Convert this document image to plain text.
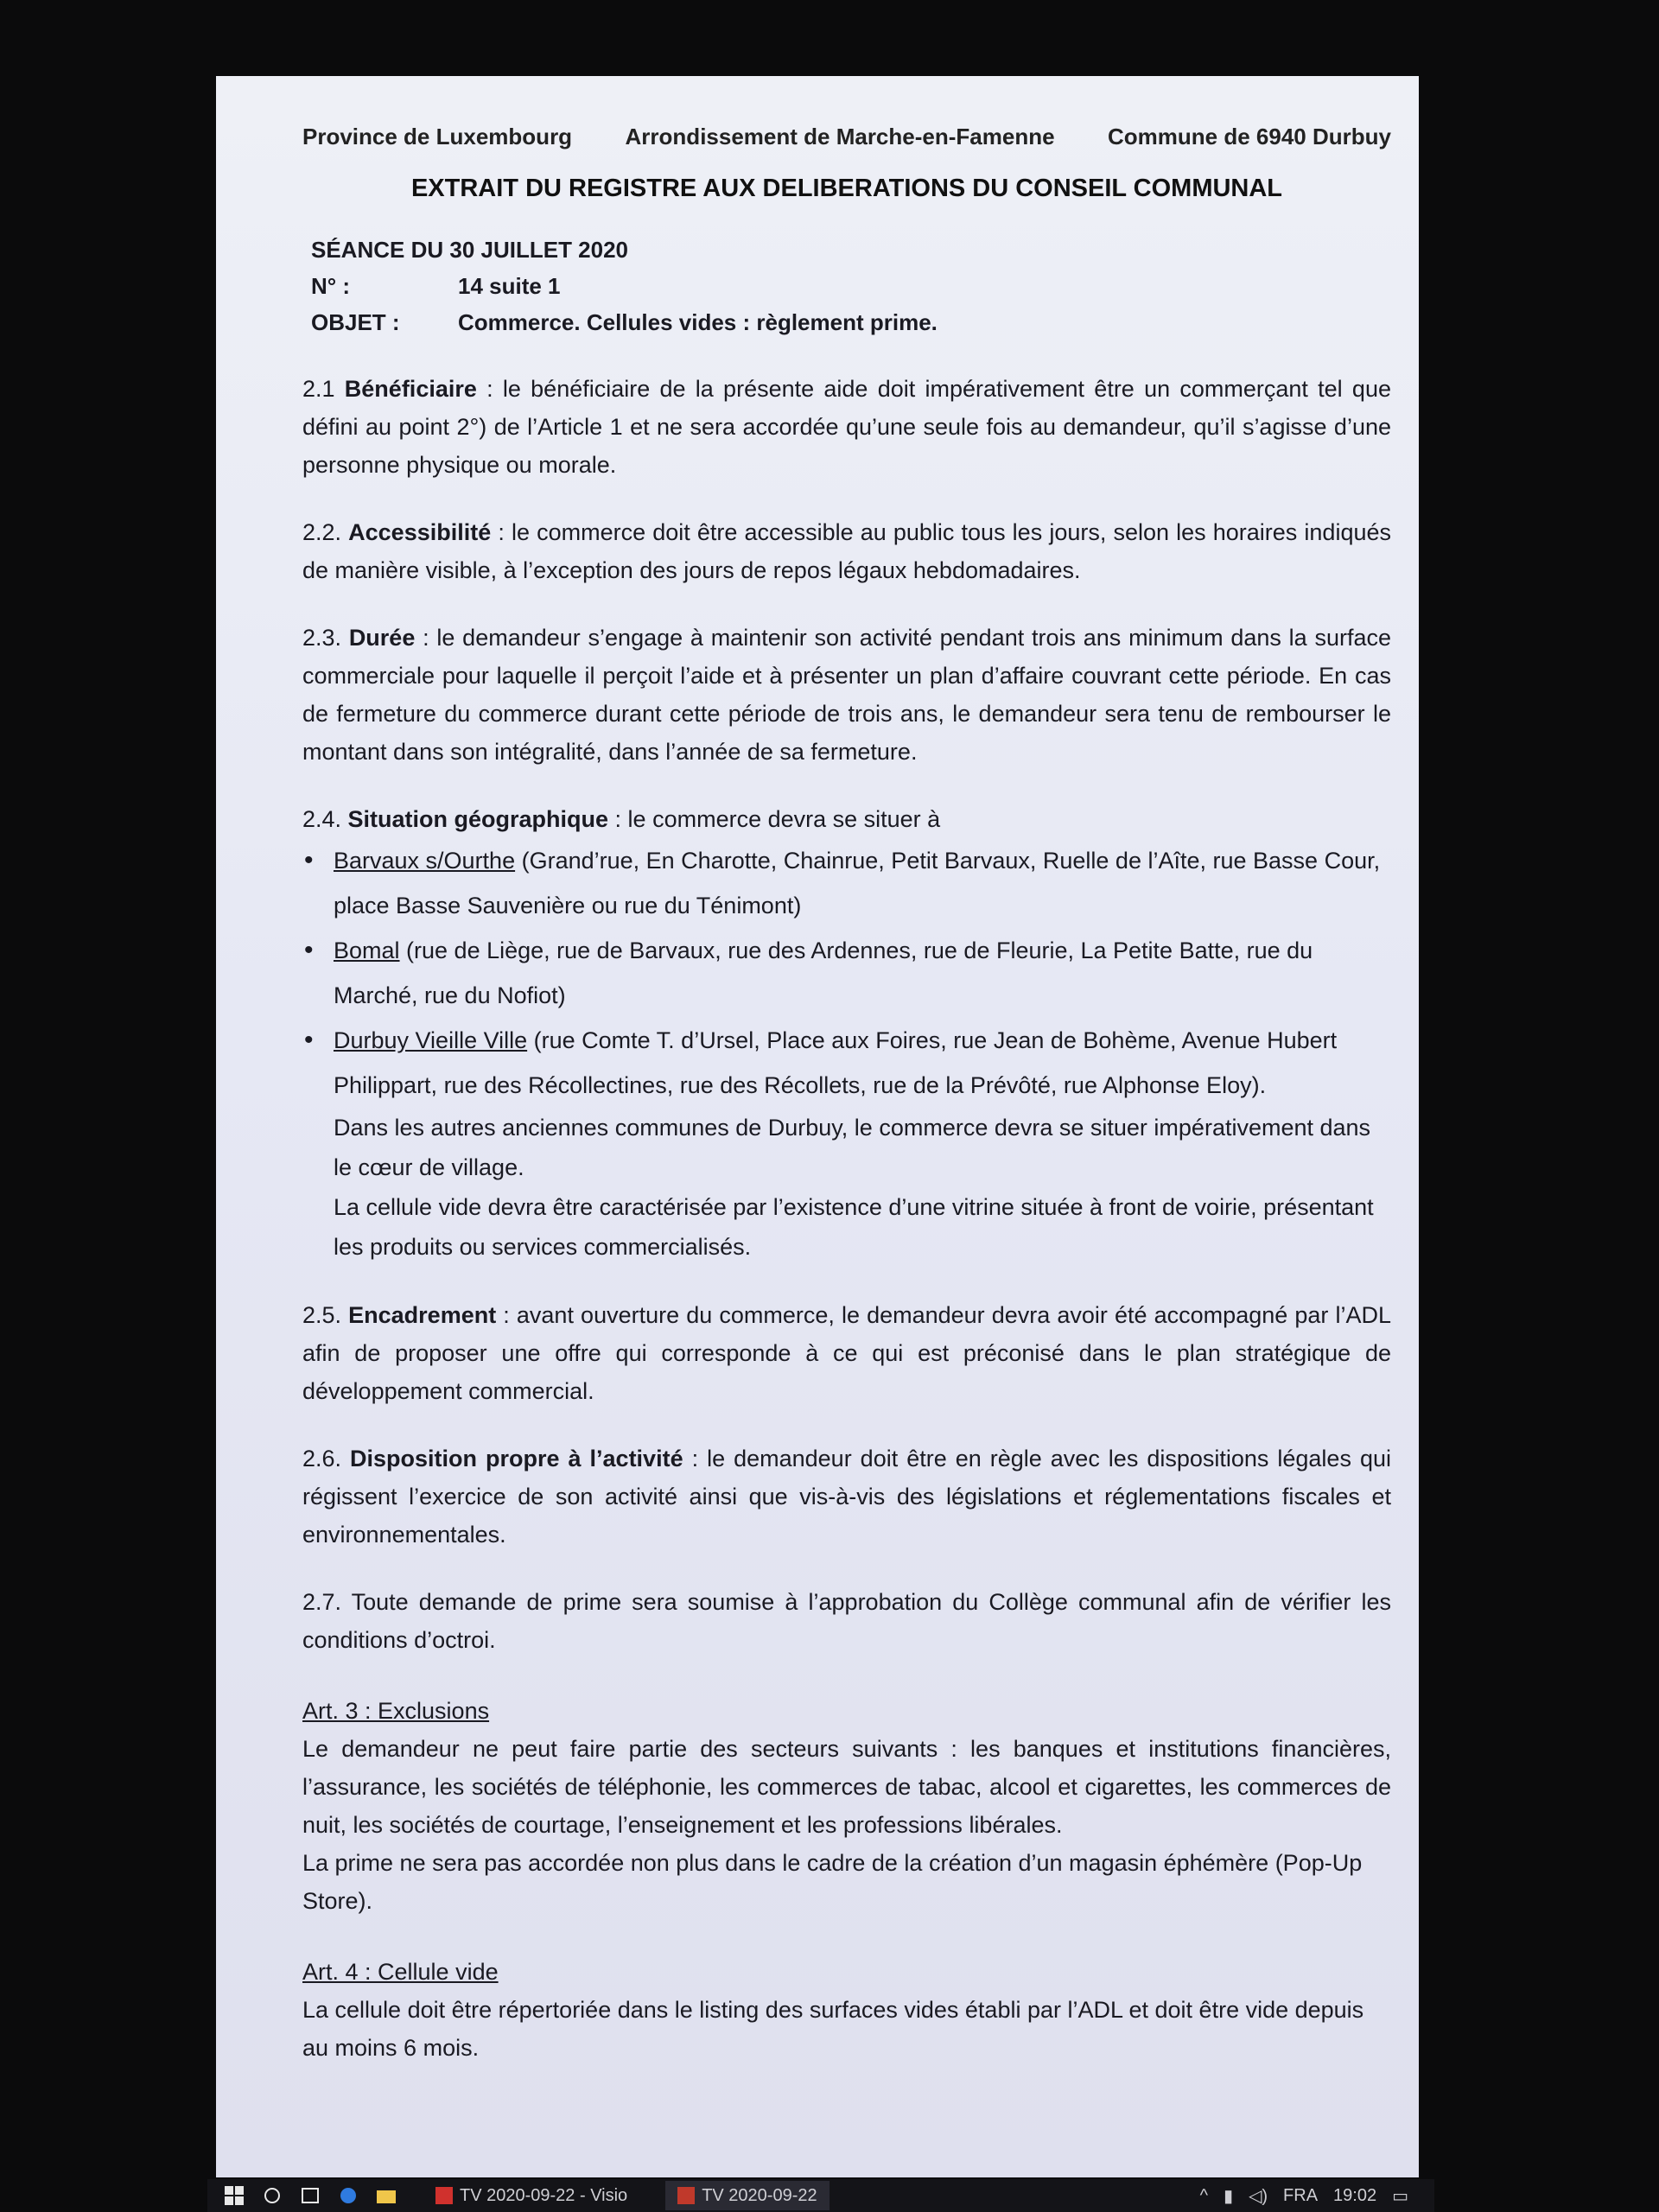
Province de Luxembourg Arrondissement de Marche-en-Famenne Commune de 6940 Durbuy
EXTRAIT DU REGISTRE AUX DELIBERATIONS DU CONSEIL COMMUNAL
SÉANCE DU 30 JUILLET 2020
N° :	14 suite 1
OBJET :	Commerce. Cellules vides : règlement prime.

2.1 Bénéficiaire : le bénéficiaire de la présente aide doit impérativement être un commerçant tel que défini au point 2°) de l’Article 1 et ne sera accordée qu’une seule fois au demandeur, qu’il s’agisse d’une personne physique ou morale.

2.2. Accessibilité : le commerce doit être accessible au public tous les jours, selon les horaires indiqués de manière visible, à l’exception des jours de repos légaux hebdomadaires.

2.3. Durée : le demandeur s’engage à maintenir son activité pendant trois ans minimum dans la surface commerciale pour laquelle il perçoit l’aide et à présenter un plan d’affaire couvrant cette période. En cas de fermeture du commerce durant cette période de trois ans, le demandeur sera tenu de rembourser le montant dans son intégralité, dans l’année de sa fermeture.

2.4. Situation géographique : le commerce devra se situer à

• Barvaux s/Ourthe (Grand’rue, En Charotte, Chainrue, Petit Barvaux, Ruelle de l’Aîte, rue Basse Cour, place Basse Sauvenière ou rue du Ténimont)
• Bomal (rue de Liège, rue de Barvaux, rue des Ardennes, rue de Fleurie, La Petite Batte, rue du Marché, rue du Nofiot)
• Durbuy Vieille Ville (rue Comte T. d’Ursel, Place aux Foires, rue Jean de Bohème, Avenue Hubert Philippart, rue des Récollectines, rue des Récollets, rue de la Prévôté, rue Alphonse Eloy).
Dans les autres anciennes communes de Durbuy, le commerce devra se situer impérativement dans le cœur de village.
La cellule vide devra être caractérisée par l’existence d’une vitrine située à front de voirie, présentant les produits ou services commercialisés.

2.5. Encadrement : avant ouverture du commerce, le demandeur devra avoir été accompagné par l’ADL afin de proposer une offre qui corresponde à ce qui est préconisé dans le plan stratégique de développement commercial.

2.6. Disposition propre à l’activité : le demandeur doit être en règle avec les dispositions légales qui régissent l’exercice de son activité ainsi que vis-à-vis des législations et réglementations fiscales et environnementales.

2.7. Toute demande de prime sera soumise à l’approbation du Collège communal afin de vérifier les conditions d’octroi.

Art. 3 : Exclusions
Le demandeur ne peut faire partie des secteurs suivants : les banques et institutions financières, l’assurance, les sociétés de téléphonie, les commerces de tabac, alcool et cigarettes, les commerces de nuit, les sociétés de courtage, l’enseignement et les professions libérales.
La prime ne sera pas accordée non plus dans le cadre de la création d’un magasin éphémère (Pop-Up Store).
Art. 4 : Cellule vide
La cellule doit être répertoriée dans le listing des surfaces vides établi par l’ADL et doit être vide depuis au moins 6 mois.
TV 2020-09-22 - Visio	TV 2020-09-22	^ ▮ ◁) FRA 19:02 ▭
